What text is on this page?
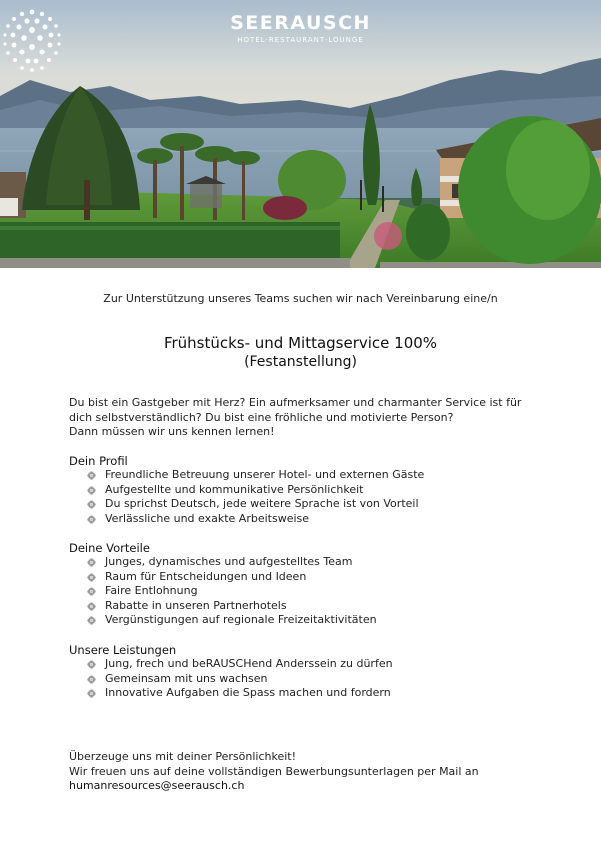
SEERAUSCH
HOTEL·RESTAURANT·LOUNGE
Zur Unterstützung unseres Teams suchen wir nach Vereinbarung eine/n
Frühstücks- und Mittagservice 100%
(Festanstellung)
Du bist ein Gastgeber mit Herz? Ein aufmerksamer und charmanter Service ist für
dich selbstverständlich? Du bist eine fröhliche und motivierte Person?
Dann müssen wir uns kennen lernen!
Dein Profil
Freundliche Betreuung unserer Hotel- und externen Gäste
Aufgestellte und kommunikative Persönlichkeit
Du sprichst Deutsch, jede weitere Sprache ist von Vorteil
Verlässliche und exakte Arbeitsweise
Deine Vorteile
Junges, dynamisches und aufgestelltes Team
Raum für Entscheidungen und Ideen
Faire Entlohnung
Rabatte in unseren Partnerhotels
Vergünstigungen auf regionale Freizeitaktivitäten
Unsere Leistungen
Jung, frech und beRAUSCHend Anderssein zu dürfen
Gemeinsam mit uns wachsen
Innovative Aufgaben die Spass machen und fordern
Überzeuge uns mit deiner Persönlichkeit!
Wir freuen uns auf deine vollständigen Bewerbungsunterlagen per Mail an
humanresources@seerausch.ch
